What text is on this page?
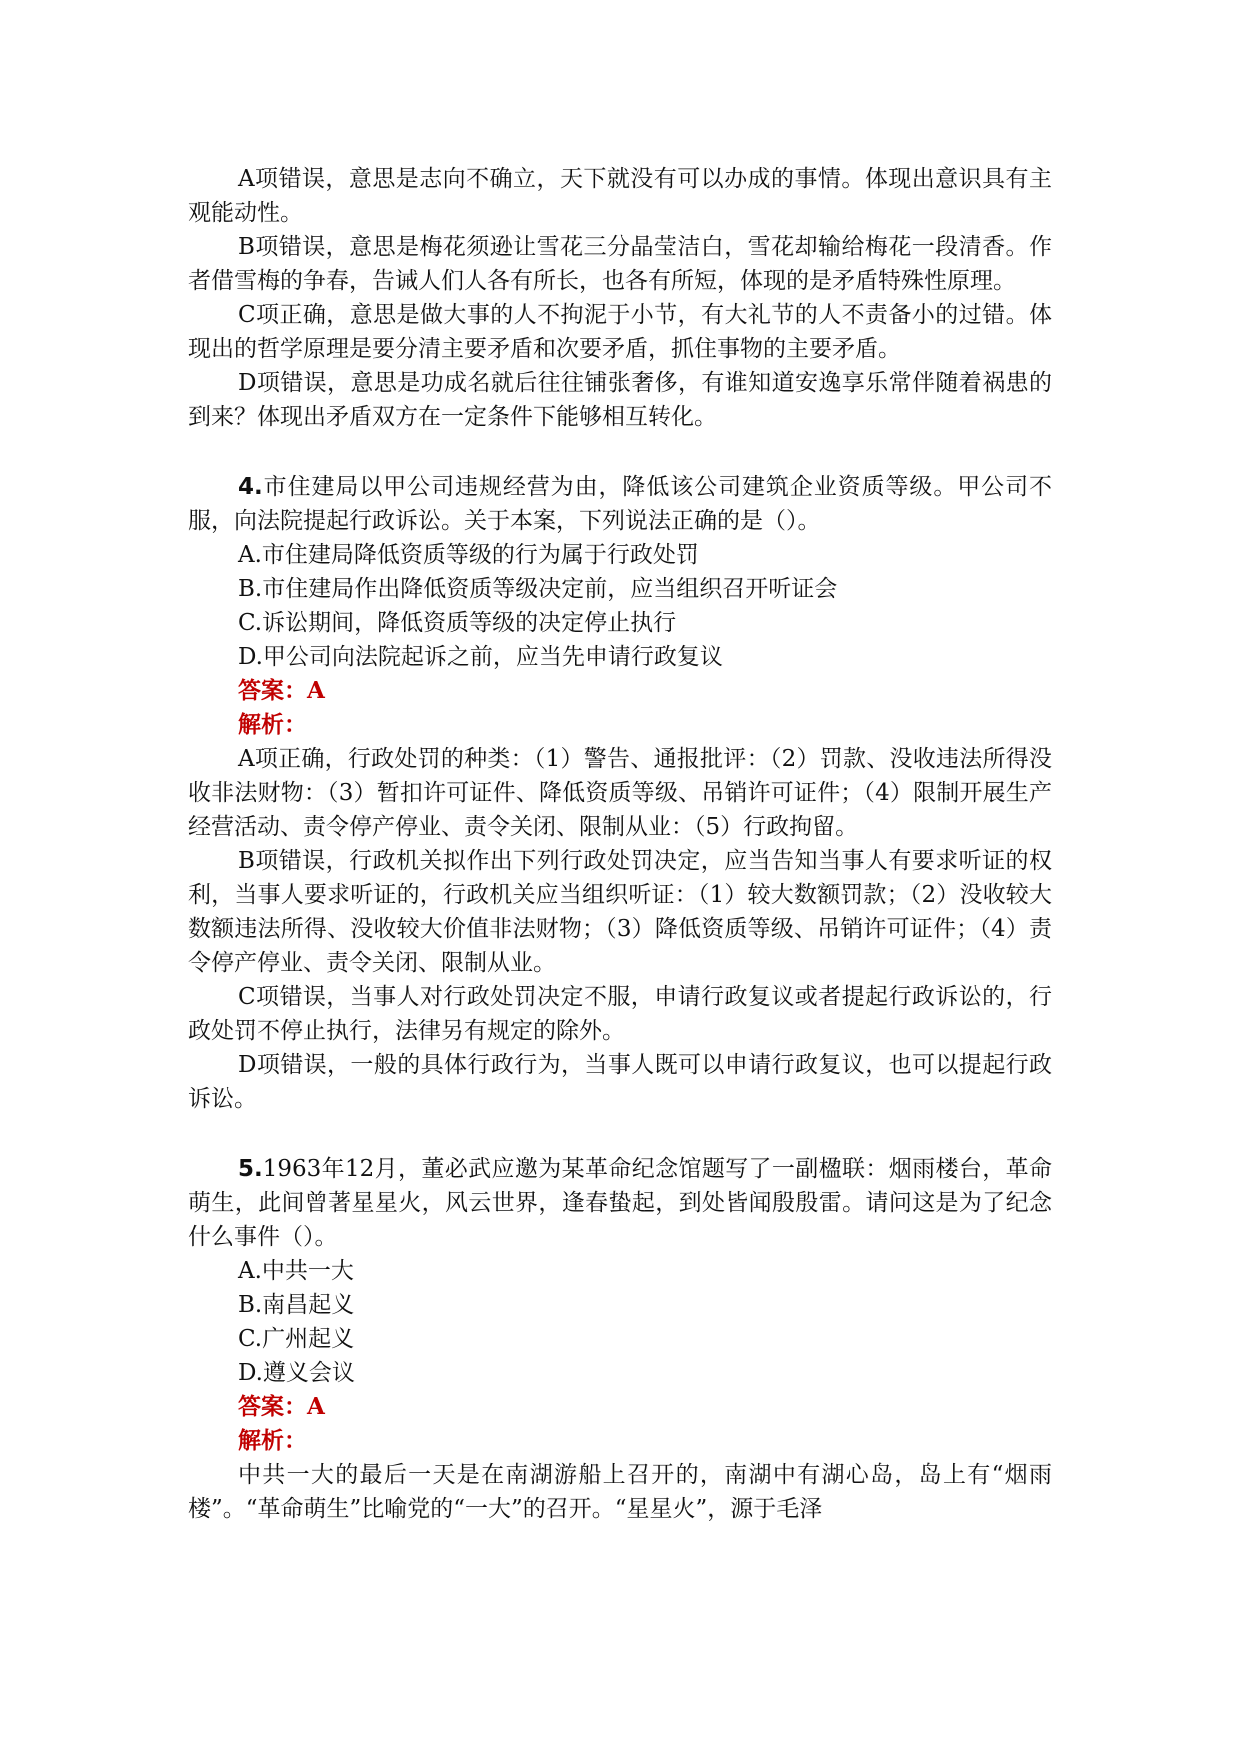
A项错误，意思是志向不确立，天下就没有可以办成的事情。体现出意识具有主观能动性。

B项错误，意思是梅花须逊让雪花三分晶莹洁白，雪花却输给梅花一段清香。作者借雪梅的争春，告诫人们人各有所长，也各有所短，体现的是矛盾特殊性原理。

C项正确，意思是做大事的人不拘泥于小节，有大礼节的人不责备小的过错。体现出的哲学原理是要分清主要矛盾和次要矛盾，抓住事物的主要矛盾。

D项错误，意思是功成名就后往往铺张奢侈，有谁知道安逸享乐常伴随着祸患的到来？体现出矛盾双方在一定条件下能够相互转化。

4.市住建局以甲公司违规经营为由，降低该公司建筑企业资质等级。甲公司不服，向法院提起行政诉讼。关于本案，下列说法正确的是（）。

A.市住建局降低资质等级的行为属于行政处罚

B.市住建局作出降低资质等级决定前，应当组织召开听证会

C.诉讼期间，降低资质等级的决定停止执行

D.甲公司向法院起诉之前，应当先申请行政复议

答案：A

解析：

A项正确，行政处罚的种类：（1）警告、通报批评：（2）罚款、没收违法所得没收非法财物：（3）暂扣许可证件、降低资质等级、吊销许可证件；（4）限制开展生产经营活动、责令停产停业、责令关闭、限制从业：（5）行政拘留。

B项错误，行政机关拟作出下列行政处罚决定，应当告知当事人有要求听证的权利，当事人要求听证的，行政机关应当组织听证：（1）较大数额罚款；（2）没收较大数额违法所得、没收较大价值非法财物；（3）降低资质等级、吊销许可证件；（4）责令停产停业、责令关闭、限制从业。

C项错误，当事人对行政处罚决定不服，申请行政复议或者提起行政诉讼的，行政处罚不停止执行，法律另有规定的除外。

D项错误，一般的具体行政行为，当事人既可以申请行政复议，也可以提起行政诉讼。

5.1963年12月，董必武应邀为某革命纪念馆题写了一副楹联：烟雨楼台，革命萌生，此间曾著星星火，风云世界，逢春蛰起，到处皆闻殷殷雷。请问这是为了纪念什么事件（）。

A.中共一大

B.南昌起义

C.广州起义

D.遵义会议

答案：A

解析：

中共一大的最后一天是在南湖游船上召开的，南湖中有湖心岛，岛上有“烟雨楼”。“革命萌生”比喻党的“一大”的召开。“星星火”，源于毛泽
